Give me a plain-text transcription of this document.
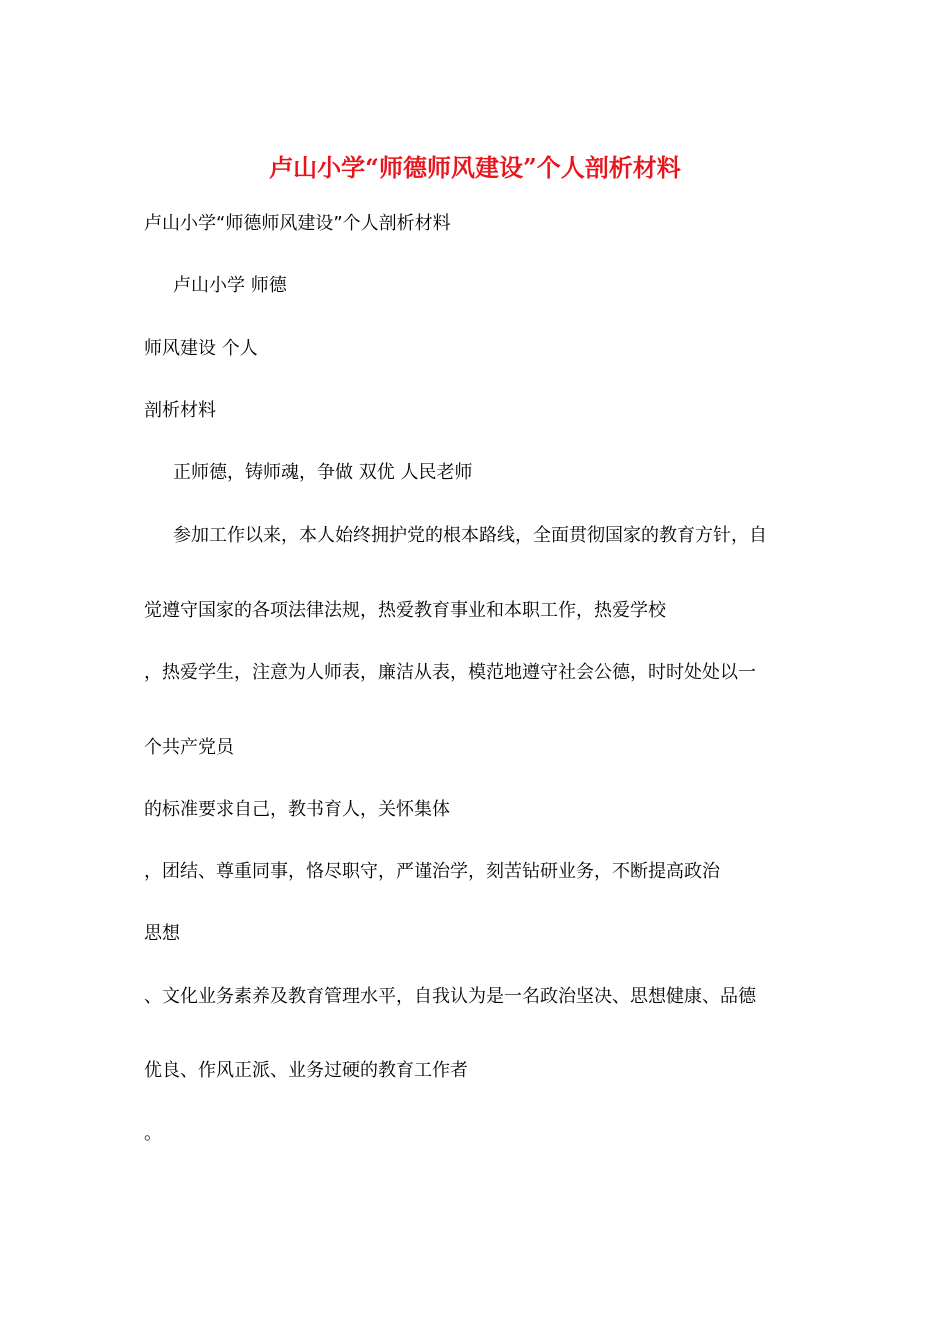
卢山小学“师德师风建设”个人剖析材料
卢山小学“师德师风建设”个人剖析材料
卢山小学 师德
师风建设 个人
剖析材料
正师德，铸师魂，争做 双优 人民老师
参加工作以来，本人始终拥护党的根本路线，全面贯彻国家的教育方针，自
觉遵守国家的各项法律法规，热爱教育事业和本职工作，热爱学校
，热爱学生，注意为人师表，廉洁从表，模范地遵守社会公德，时时处处以一
个共产党员
的标准要求自己，教书育人，关怀集体
，团结、尊重同事，恪尽职守，严谨治学，刻苦钻研业务，不断提高政治
思想
、文化业务素养及教育管理水平，自我认为是一名政治坚决、思想健康、品德
优良、作风正派、业务过硬的教育工作者
。
